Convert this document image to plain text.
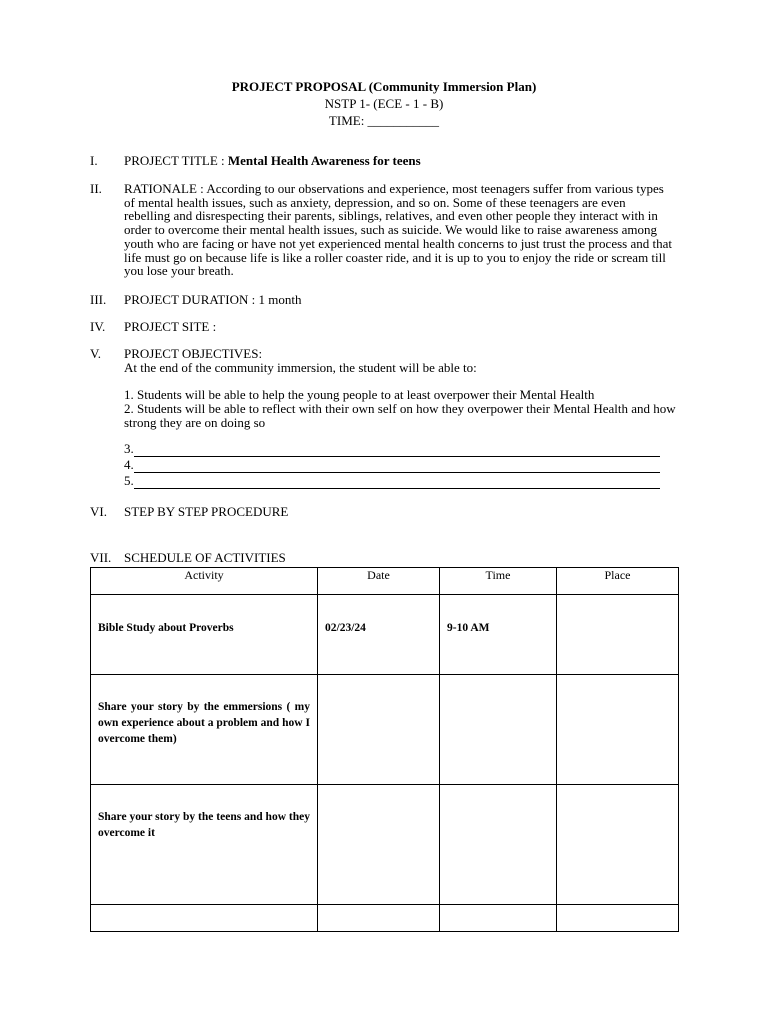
PROJECT PROPOSAL (Community Immersion Plan)
NSTP 1- (ECE - 1 - B)
TIME: ___________
I.	PROJECT TITLE : Mental Health Awareness for teens
II.	RATIONALE : According to our observations and experience, most teenagers suffer from various types of mental health issues, such as anxiety, depression, and so on. Some of these teenagers are even rebelling and disrespecting their parents, siblings, relatives, and even other people they interact with in order to overcome their mental health issues, such as suicide. We would like to raise awareness among youth who are facing or have not yet experienced mental health concerns to just trust the process and that life must go on because life is like a roller coaster ride, and it is up to you to enjoy the ride or scream till you lose your breath.
III.	PROJECT DURATION : 1 month
IV.	PROJECT SITE :
V.	PROJECT OBJECTIVES:
At the end of the community immersion, the student will be able to:
1. Students will be able to help the young people to at least overpower their Mental Health
2. Students will be able to reflect with their own self on how they overpower their Mental Health and how strong they are on doing so
3.
4.
5.
VI.	STEP BY STEP PROCEDURE
VII. SCHEDULE OF ACTIVITIES
Activity	Date	Time	Place
Bible Study about Proverbs	02/23/24	9-10 AM	
Share your story by the emmersions ( my own experience about a problem and how I overcome them)			
Share your story by the teens and how they overcome it			
